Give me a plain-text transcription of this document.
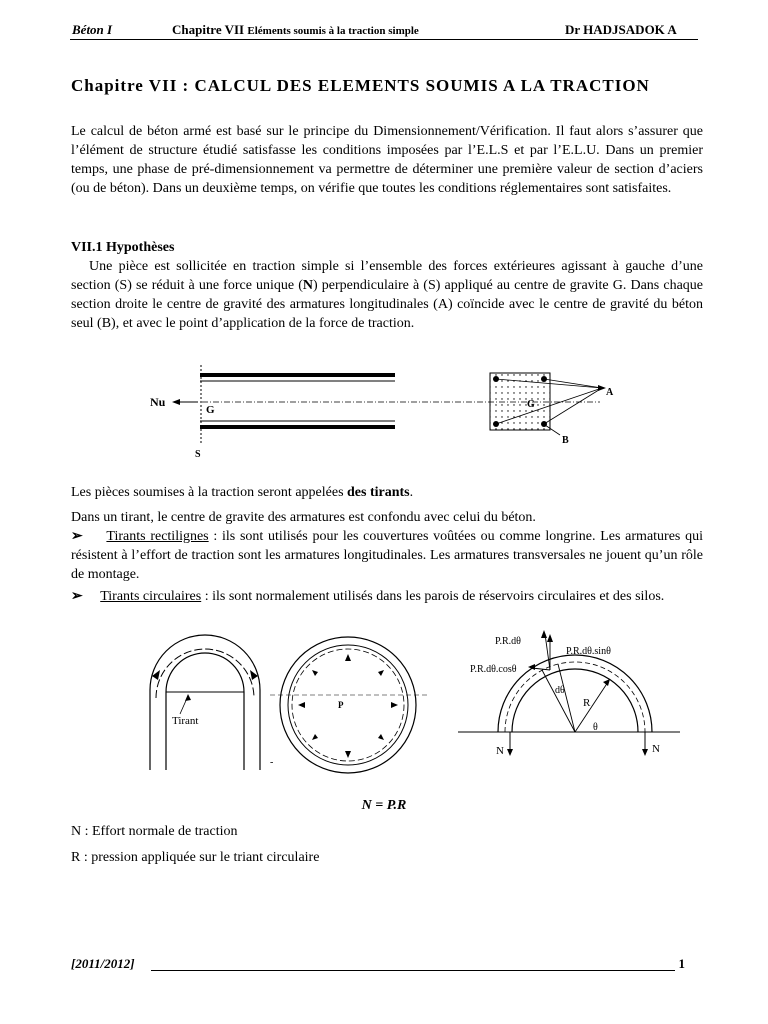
Béton I	Chapitre VII Eléments soumis à la traction simple	Dr HADJSADOK A
Chapitre VII : CALCUL DES ELEMENTS SOUMIS A LA TRACTION
Le calcul de béton armé est basé sur le principe du Dimensionnement/Vérification. Il faut alors s’assurer que l’élément de structure étudié satisfasse les conditions imposées par l’E.L.S et par l’E.L.U. Dans un premier temps, une phase de pré-dimensionnement va permettre de déterminer une première valeur de section d’aciers (ou de béton). Dans un deuxième temps, on vérifie que toutes les conditions réglementaires sont satisfaites.
VII.1 Hypothèses
Une pièce est sollicitée en traction simple si l’ensemble des forces extérieures agissant à gauche d’une section (S) se réduit à une force unique (N) perpendiculaire à (S) appliqué au centre de gravite G. Dans chaque section droite le centre de gravité des armatures longitudinales (A) coïncide avec le centre de gravité du béton seul (B), et avec le point d’application de la force de traction.
Nu
G
S
A
B
G
Les pièces soumises à la traction seront appelées des tirants.
Dans un tirant, le centre de gravite des armatures est confondu avec celui du béton.
➢ Tirants rectilignes : ils sont utilisés pour les couvertures voûtées ou comme longrine. Les armatures qui résistent à l’effort de traction sont les armatures longitudinales. Les armatures transversales ne jouent qu’un rôle de montage.
➢ Tirants circulaires : ils sont normalement utilisés dans les parois de réservoirs circulaires et des silos.
Tirant
P
-
P.R.dθ
P.R.dθ.sinθ
P.R.dθ.cosθ
dθ
R
θ
N	N
N = P.R
N : Effort normale de traction
R : pression appliquée sur le triant circulaire
[2011/2012]	1
